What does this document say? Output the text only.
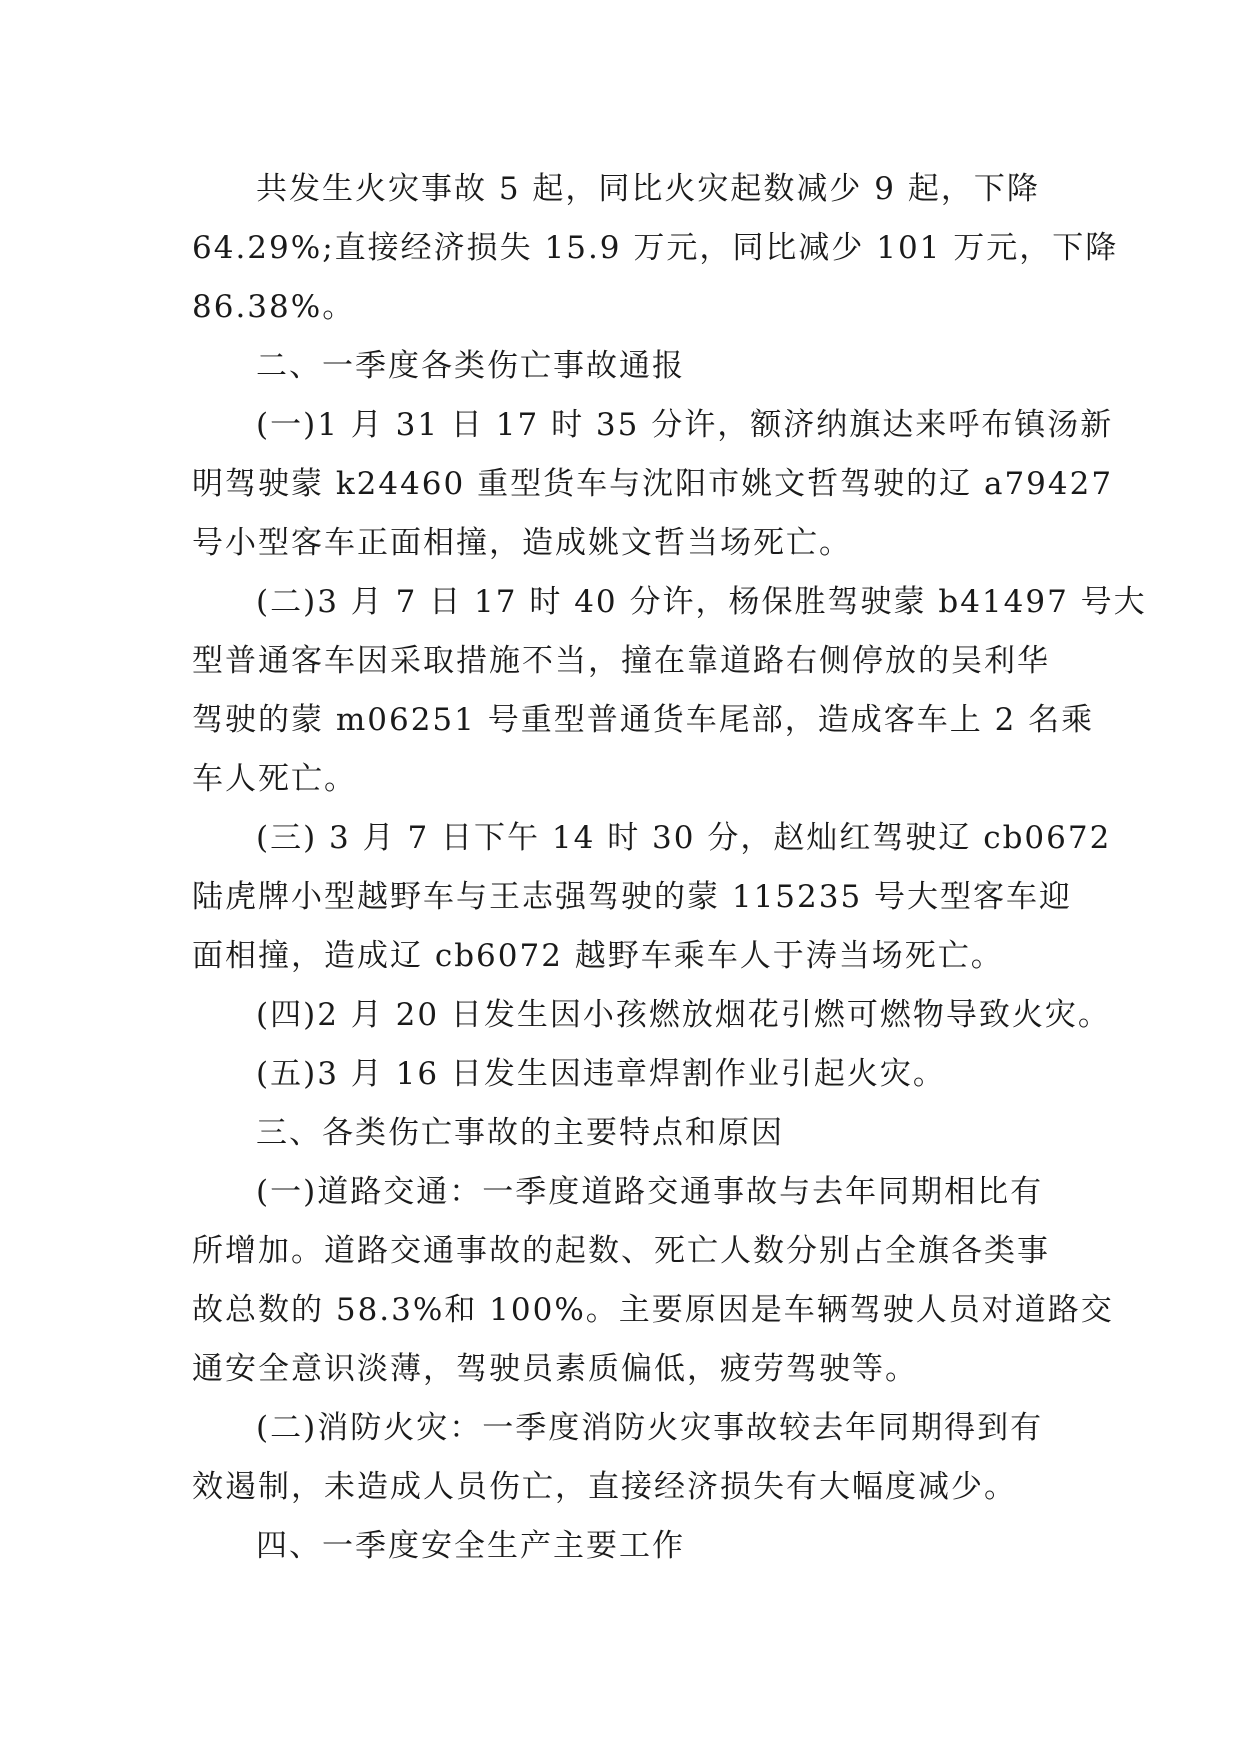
共发生火灾事故 5 起，同比火灾起数减少 9 起，下降
64.29%;直接经济损失 15.9 万元，同比减少 101 万元，下降
86.38%。
二、一季度各类伤亡事故通报
(一)1 月 31 日 17 时 35 分许，额济纳旗达来呼布镇汤新
明驾驶蒙 k24460 重型货车与沈阳市姚文哲驾驶的辽 a79427
号小型客车正面相撞，造成姚文哲当场死亡。
(二)3 月 7 日 17 时 40 分许，杨保胜驾驶蒙 b41497 号大
型普通客车因采取措施不当，撞在靠道路右侧停放的吴利华
驾驶的蒙 m06251 号重型普通货车尾部，造成客车上 2 名乘
车人死亡。
(三) 3 月 7 日下午 14 时 30 分，赵灿红驾驶辽 cb0672
陆虎牌小型越野车与王志强驾驶的蒙 115235 号大型客车迎
面相撞，造成辽 cb6072 越野车乘车人于涛当场死亡。
(四)2 月 20 日发生因小孩燃放烟花引燃可燃物导致火灾。
(五)3 月 16 日发生因违章焊割作业引起火灾。
三、各类伤亡事故的主要特点和原因
(一)道路交通：一季度道路交通事故与去年同期相比有
所增加。道路交通事故的起数、死亡人数分别占全旗各类事
故总数的 58.3%和 100%。主要原因是车辆驾驶人员对道路交
通安全意识淡薄，驾驶员素质偏低，疲劳驾驶等。
(二)消防火灾：一季度消防火灾事故较去年同期得到有
效遏制，未造成人员伤亡，直接经济损失有大幅度减少。
四、一季度安全生产主要工作
